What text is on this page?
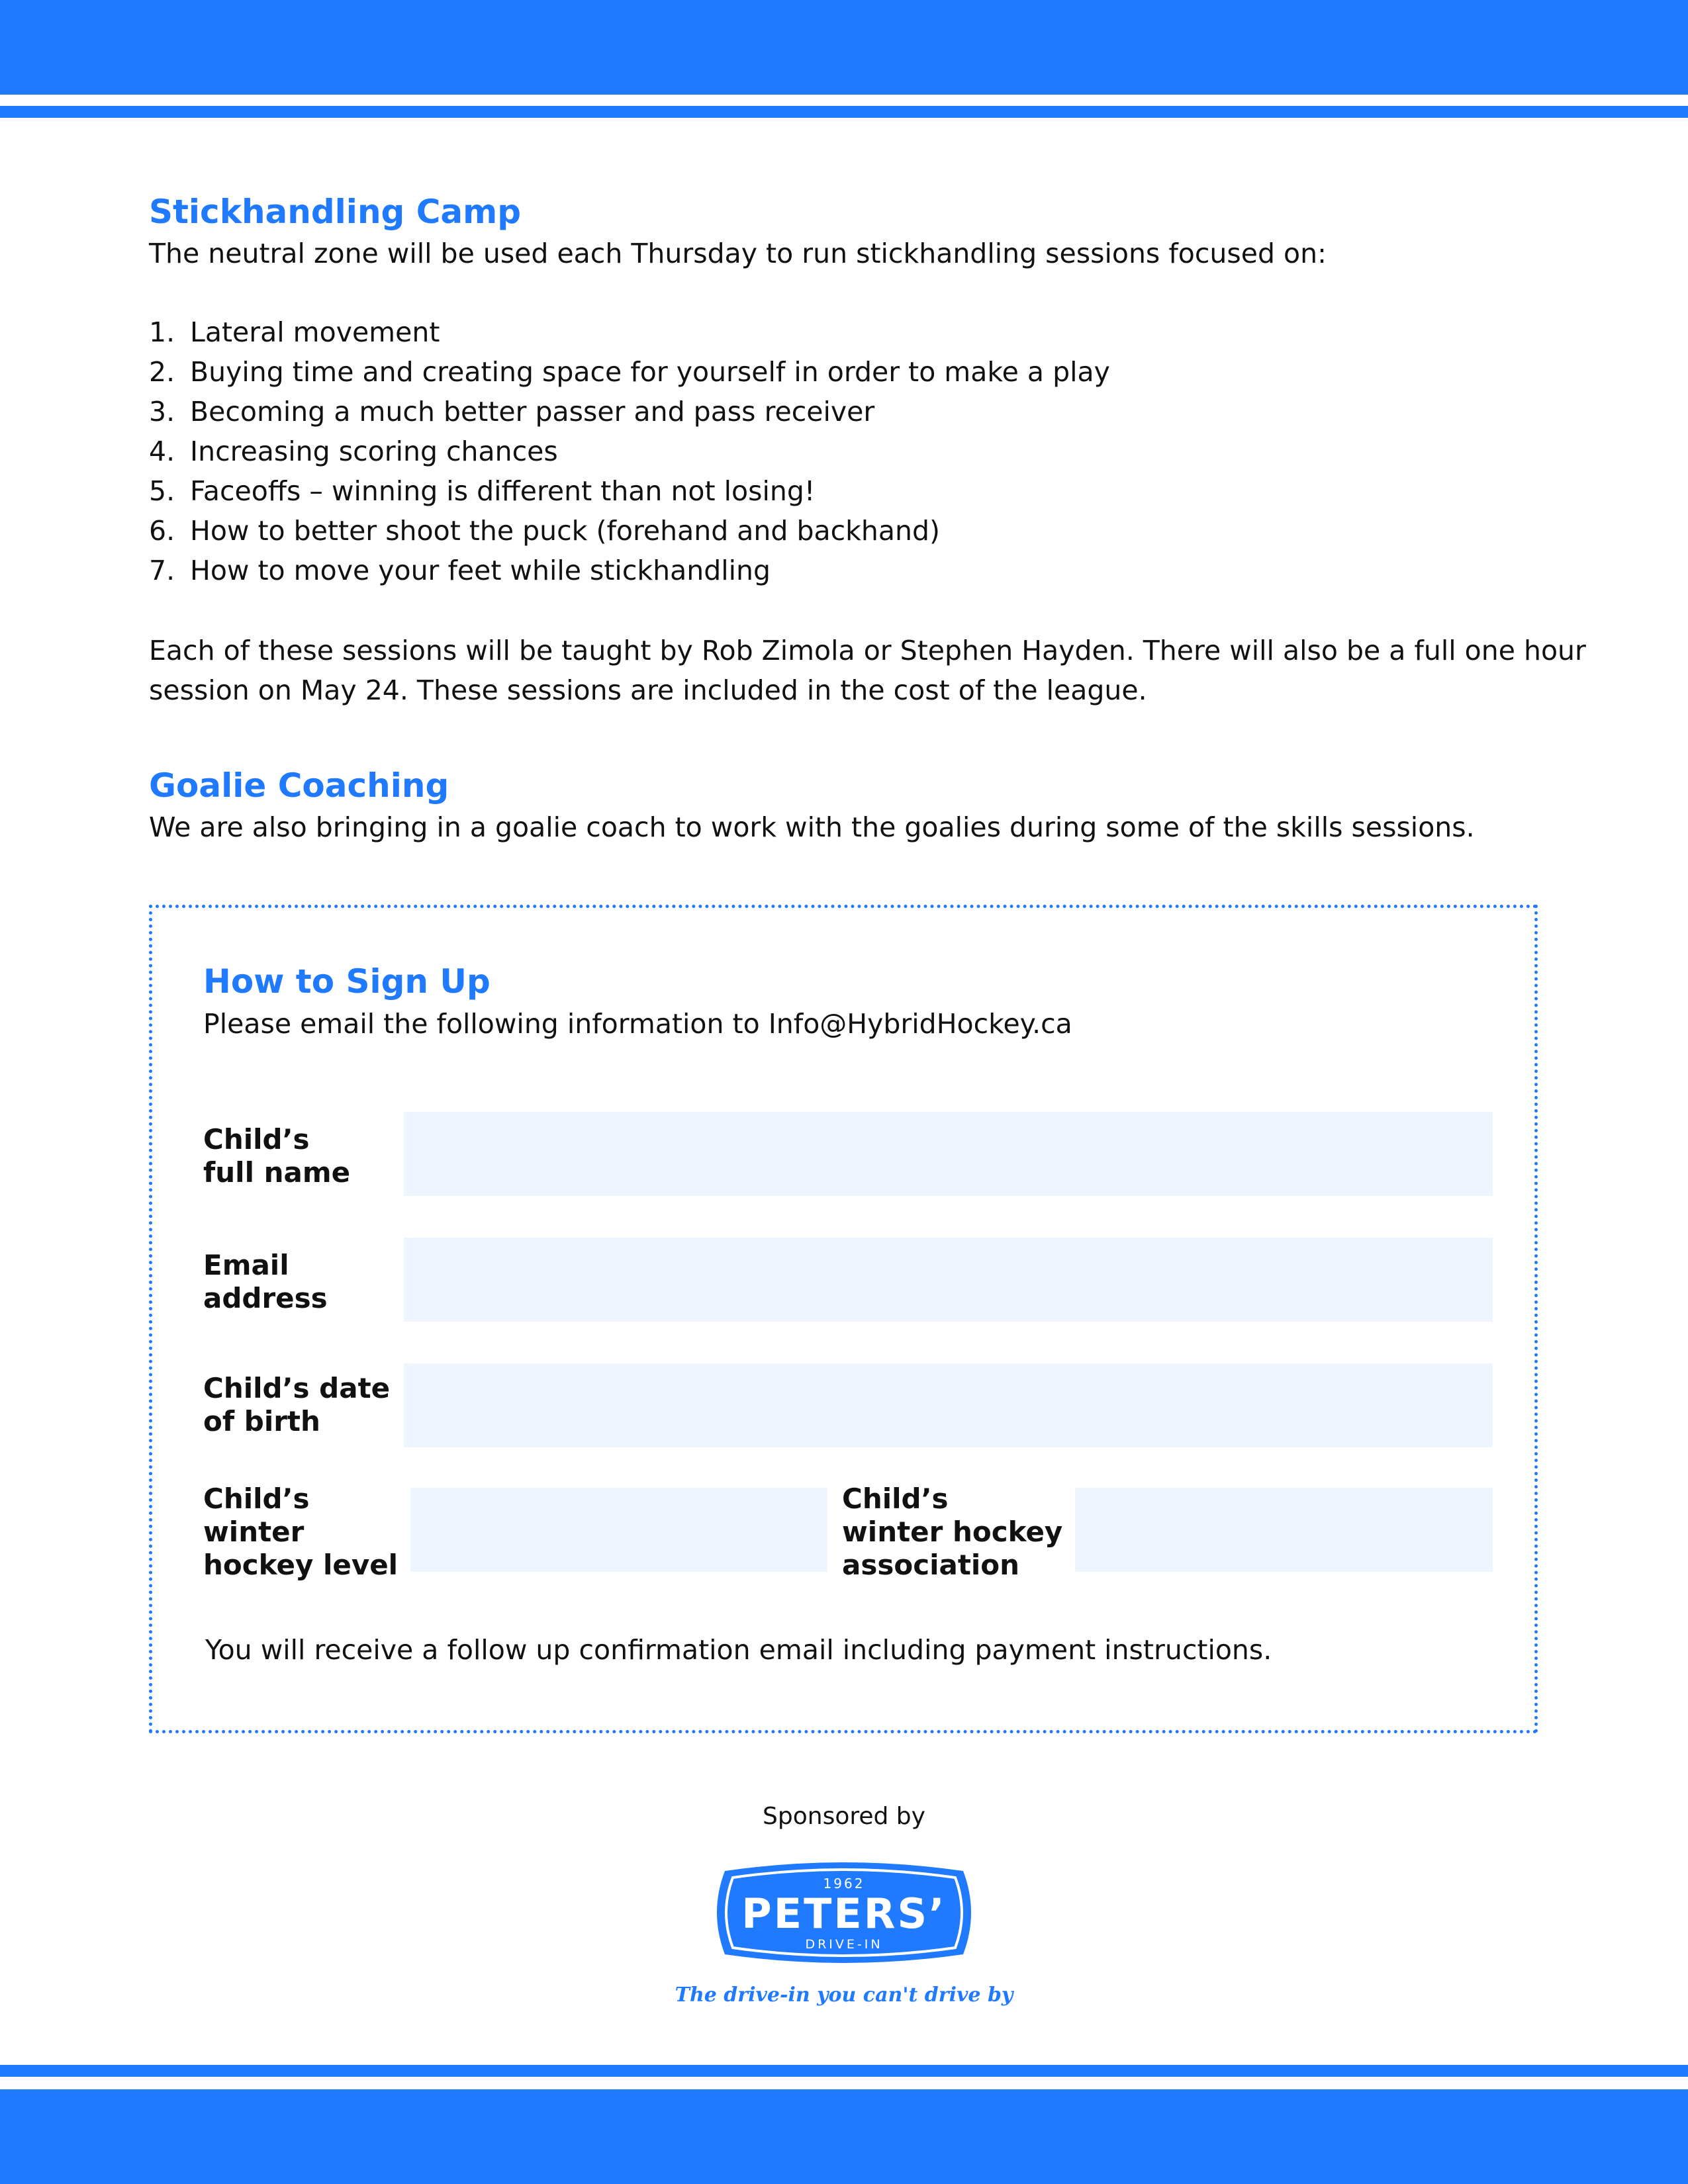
Stickhandling Camp

The neutral zone will be used each Thursday to run stickhandling sessions focused on:

1. Lateral movement
2. Buying time and creating space for yourself in order to make a play
3. Becoming a much better passer and pass receiver
4. Increasing scoring chances
5. Faceoffs – winning is different than not losing!
6. How to better shoot the puck (forehand and backhand)
7. How to move your feet while stickhandling

Each of these sessions will be taught by Rob Zimola or Stephen Hayden. There will also be a full one hour

session on May 24. These sessions are included in the cost of the league.

Goalie Coaching

We are also bringing in a goalie coach to work with the goalies during some of the skills sessions.

How to Sign Up

Please email the following information to Info@HybridHockey.ca

Child’s
full name
Email
address
Child’s date
of birth
Child’s
winter
hockey level
Child’s
winter hockey
association

You will receive a follow up confirmation email including payment instructions.

Sponsored by
1962
PETERS’
DRIVE-IN
The drive-in you can't drive by
